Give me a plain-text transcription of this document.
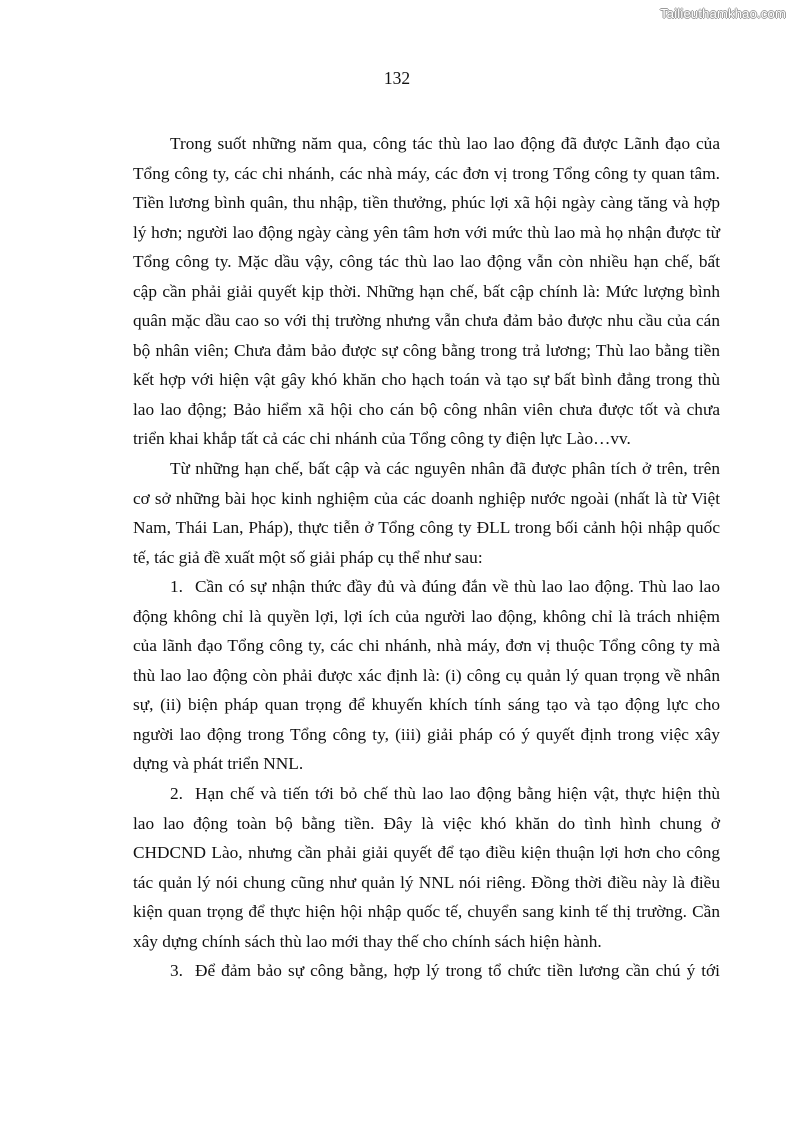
Tailieuthamkhao.com
132
Trong suốt những năm qua, công tác thù lao lao động đã được Lãnh đạo của
Tổng công ty, các chi nhánh, các nhà máy, các đơn vị trong Tổng công ty quan tâm.
Tiền lương bình quân, thu nhập, tiền thưởng, phúc lợi xã hội ngày càng tăng và hợp
lý hơn; người lao động ngày càng yên tâm hơn với mức thù lao mà họ nhận được từ
Tổng công ty. Mặc dầu vậy, công tác thù lao lao động vẫn còn nhiều hạn chế, bất
cập cần phải giải quyết kịp thời. Những hạn chế, bất cập chính là: Mức lượng bình
quân mặc dầu cao so với thị trường nhưng vẫn chưa đảm bảo được nhu cầu của cán
bộ nhân viên; Chưa đảm bảo được sự công bằng trong trả lương; Thù lao bằng tiền
kết hợp với hiện vật gây khó khăn cho hạch toán và tạo sự bất bình đẳng trong thù
lao lao động; Bảo hiểm xã hội cho cán bộ công nhân viên chưa được tốt và chưa
triển khai khắp tất cả các chi nhánh của Tổng công ty điện lực Lào…vv.
Từ những hạn chế, bất cập và các nguyên nhân đã được phân tích ở trên, trên
cơ sở những bài học kinh nghiệm của các doanh nghiệp nước ngoài (nhất là từ Việt
Nam, Thái Lan, Pháp), thực tiễn ở Tổng công ty ĐLL trong bối cảnh hội nhập quốc
tế, tác giả đề xuất một số giải pháp cụ thể như sau:
1. Cần có sự nhận thức đầy đủ và đúng đắn về thù lao lao động. Thù lao lao
động không chỉ là quyền lợi, lợi ích của người lao động, không chỉ là trách nhiệm
của lãnh đạo Tổng công ty, các chi nhánh, nhà máy, đơn vị thuộc Tổng công ty mà
thù lao lao động còn phải được xác định là: (i) công cụ quản lý quan trọng về nhân
sự, (ii) biện pháp quan trọng để khuyến khích tính sáng tạo và tạo động lực cho
người lao động trong Tổng công ty, (iii) giải pháp có ý quyết định trong việc xây
dựng và phát triển NNL.
2. Hạn chế và tiến tới bỏ chế thù lao lao động bằng hiện vật, thực hiện thù
lao lao động toàn bộ bằng tiền. Đây là việc khó khăn do tình hình chung ở
CHDCND Lào, nhưng cần phải giải quyết để tạo điều kiện thuận lợi hơn cho công
tác quản lý nói chung cũng như quản lý NNL nói riêng. Đồng thời điều này là điều
kiện quan trọng để thực hiện hội nhập quốc tế, chuyển sang kinh tế thị trường. Cần
xây dựng chính sách thù lao mới thay thế cho chính sách hiện hành.
3. Để đảm bảo sự công bằng, hợp lý trong tổ chức tiền lương cần chú ý tới
